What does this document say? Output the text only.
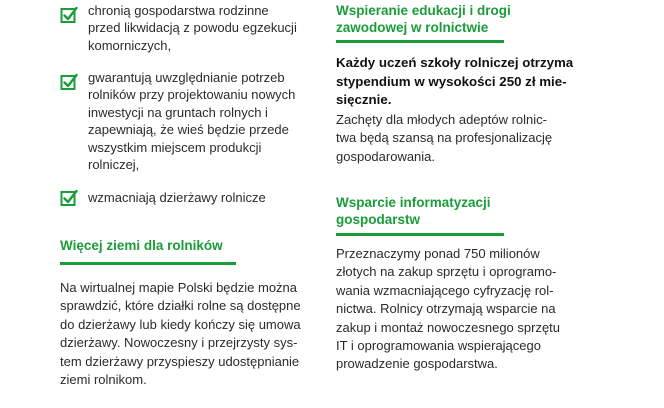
chronią gospodarstwa rodzinne
przed likwidacją z powodu egzekucji
komorniczych,
gwarantują uwzględnianie potrzeb
rolników przy projektowaniu nowych
inwestycji na gruntach rolnych i
zapewniają, że wieś będzie przede
wszystkim miejscem produkcji
rolniczej,
wzmacniają dzierżawy rolnicze
Więcej ziemi dla rolników
Na wirtualnej mapie Polski będzie można
sprawdzić, które działki rolne są dostępne
do dzierżawy lub kiedy kończy się umowa
dzierżawy. Nowoczesny i przejrzysty sys-
tem dzierżawy przyspieszy udostępnianie
ziemi rolnikom.
Wspieranie edukacji i drogi
zawodowej w rolnictwie
Każdy uczeń szkoły rolniczej otrzyma
stypendium w wysokości 250 zł mie-
sięcznie.
Zachęty dla młodych adeptów rolnic-
twa będą szansą na profesjonalizację
gospodarowania.
Wsparcie informatyzacji
gospodarstw
Przeznaczymy ponad 750 milionów
złotych na zakup sprzętu i oprogramo-
wania wzmacniającego cyfryzację rol-
nictwa. Rolnicy otrzymają wsparcie na
zakup i montaż nowoczesnego sprzętu
IT i oprogramowania wspierającego
prowadzenie gospodarstwa.
